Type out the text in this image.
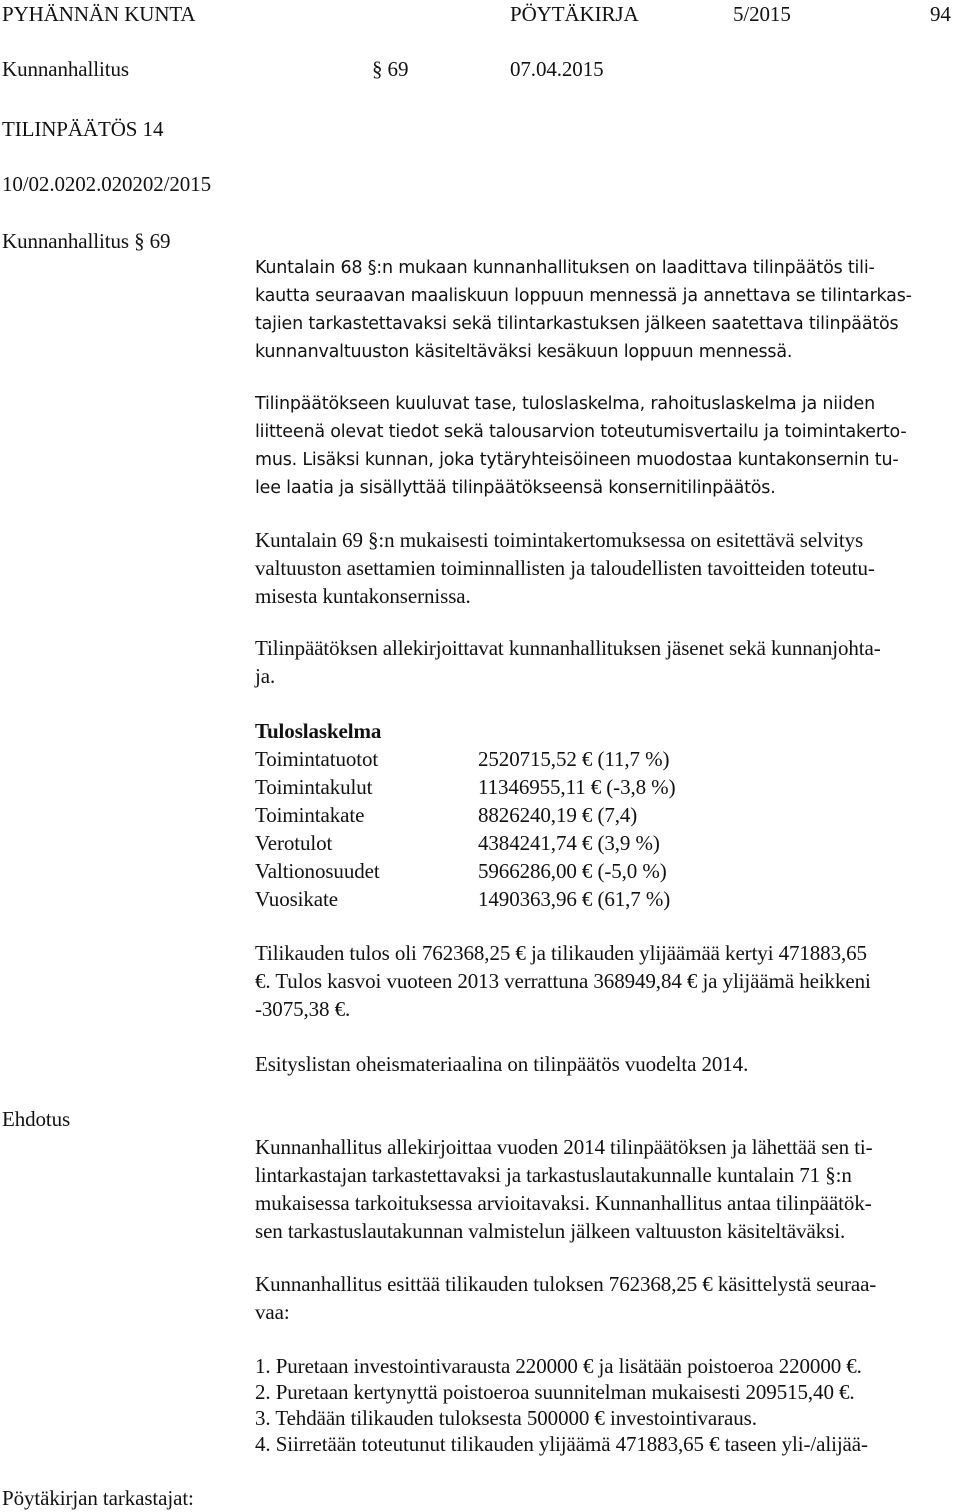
PYHÄNNÄN KUNTA	PÖYTÄKIRJA	5/2015	94
Kunnanhallitus	§ 69	07.04.2015
TILINPÄÄTÖS 14
10/02.0202.020202/2015
Kunnanhallitus § 69
Kuntalain 68 §:n mukaan kunnanhallituksen on laadittava tilinpäätös tili-
kautta seuraavan maaliskuun loppuun mennessä ja annettava se tilintarkas-
tajien tarkastettavaksi sekä tilintarkastuksen jälkeen saatettava tilinpäätös
kunnanvaltuuston käsiteltäväksi kesäkuun loppuun mennessä.
Tilinpäätökseen kuuluvat tase, tuloslaskelma, rahoituslaskelma ja niiden
liitteenä olevat tiedot sekä talousarvion toteutumisvertailu ja toimintakerto-
mus. Lisäksi kunnan, joka tytäryhteisöineen muodostaa kuntakonsernin tu-
lee laatia ja sisällyttää tilinpäätökseensä konsernitilinpäätös.
Kuntalain 69 §:n mukaisesti toimintakertomuksessa on esitettävä selvitys
valtuuston asettamien toiminnallisten ja taloudellisten tavoitteiden toteutu-
misesta kuntakonsernissa.
Tilinpäätöksen allekirjoittavat kunnanhallituksen jäsenet sekä kunnanjohta-
ja.
Tuloslaskelma
Toimintatuotot	2520715,52 € (11,7 %)
Toimintakulut	11346955,11 € (-3,8 %)
Toimintakate	8826240,19 € (7,4)
Verotulot	4384241,74 € (3,9 %)
Valtionosuudet	5966286,00 € (-5,0 %)
Vuosikate	1490363,96 € (61,7 %)
Tilikauden tulos oli 762368,25 € ja tilikauden ylijäämää kertyi 471883,65
€. Tulos kasvoi vuoteen 2013 verrattuna 368949,84 € ja ylijäämä heikkeni
-3075,38 €.
Esityslistan oheismateriaalina on tilinpäätös vuodelta 2014.
Ehdotus
Kunnanhallitus allekirjoittaa vuoden 2014 tilinpäätöksen ja lähettää sen ti-
lintarkastajan tarkastettavaksi ja tarkastuslautakunnalle kuntalain 71 §:n
mukaisessa tarkoituksessa arvioitavaksi. Kunnanhallitus antaa tilinpäätök-
sen tarkastuslautakunnan valmistelun jälkeen valtuuston käsiteltäväksi.
Kunnanhallitus esittää tilikauden tuloksen 762368,25 € käsittelystä seuraa-
vaa:
1. Puretaan investointivarausta 220000 € ja lisätään poistoeroa 220000 €.
2. Puretaan kertynyttä poistoeroa suunnitelman mukaisesti 209515,40 €.
3. Tehdään tilikauden tuloksesta 500000 € investointivaraus.
4. Siirretään toteutunut tilikauden ylijäämä 471883,65 € taseen yli-/alijää-
Pöytäkirjan tarkastajat:
